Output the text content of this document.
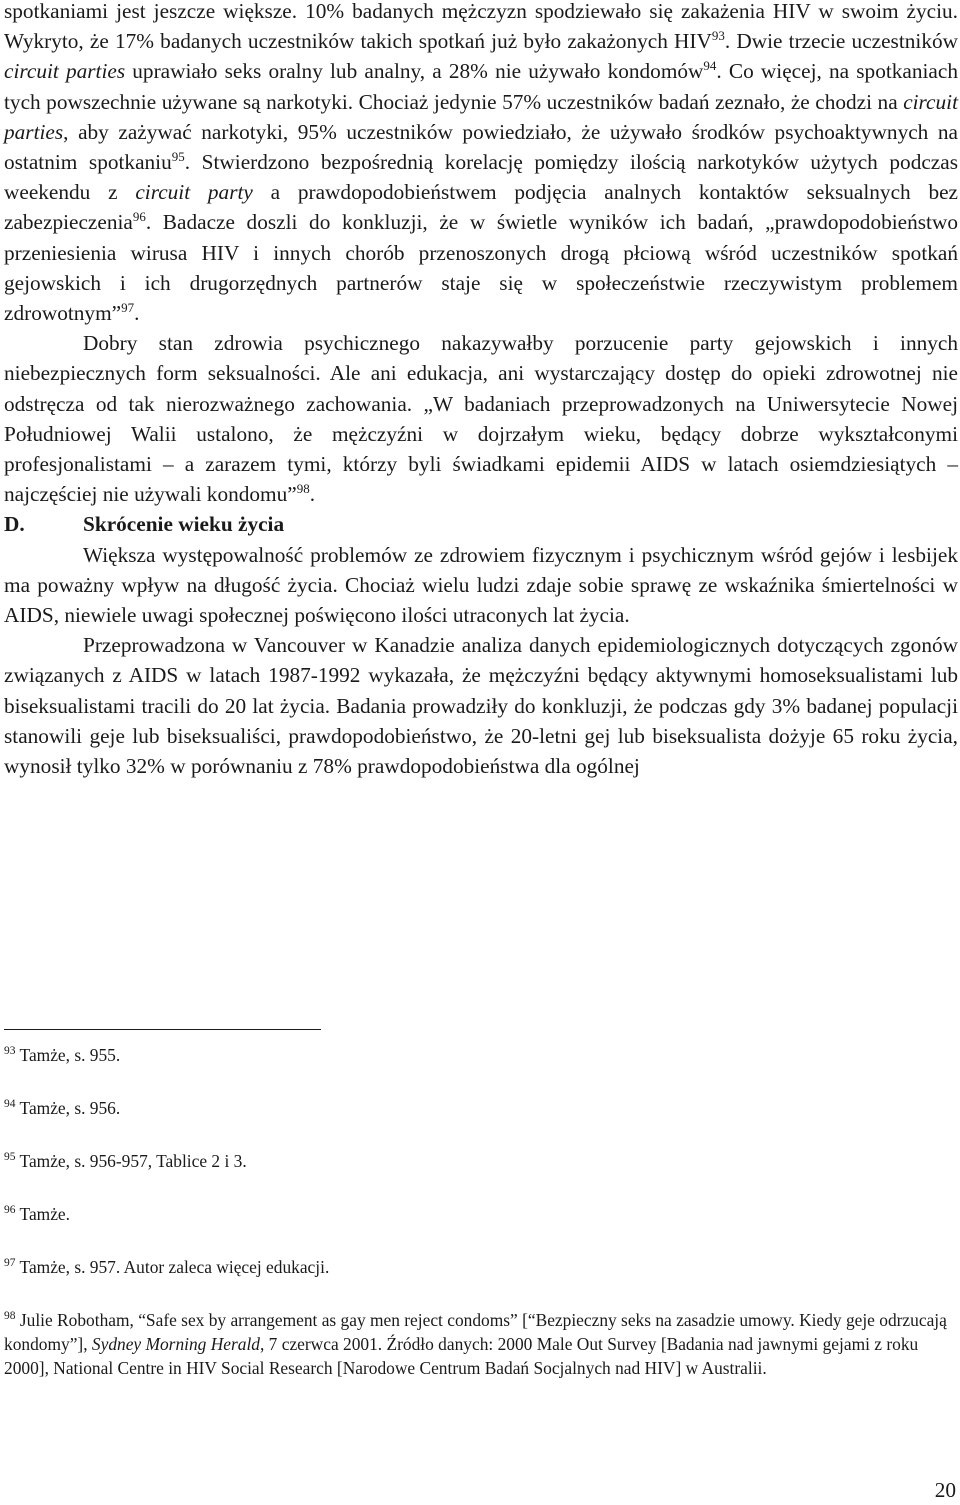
spotkaniami jest jeszcze większe. 10% badanych mężczyzn spodziewało się zakażenia HIV w swoim życiu. Wykryto, że 17% badanych uczestników takich spotkań już było zakażonych HIV$^{93}$. Dwie trzecie uczestników circuit parties uprawiało seks oralny lub analny, a 28% nie używało kondomów$^{94}$. Co więcej, na spotkaniach tych powszechnie używane są narkotyki. Chociaż jedynie 57% uczestników badań zeznało, że chodzi na circuit parties, aby zażywać narkotyki, 95% uczestników powiedziało, że używało środków psychoaktywnych na ostatnim spotkaniu$^{95}$. Stwierdzono bezpośrednią korelację pomiędzy ilością narkotyków użytych podczas weekendu z circuit party a prawdopodobieństwem podjęcia analnych kontaktów seksualnych bez zabezpieczenia$^{96}$. Badacze doszli do konkluzji, że w świetle wyników ich badań, „prawdopodobieństwo przeniesienia wirusa HIV i innych chorób przenoszonych drogą płciową wśród uczestników spotkań gejowskich i ich drugorzędnych partnerów staje się w społeczeństwie rzeczywistym problemem zdrowotnym”$^{97}$.

Dobry stan zdrowia psychicznego nakazywałby porzucenie party gejowskich i innych niebezpiecznych form seksualności. Ale ani edukacja, ani wystarczający dostęp do opieki zdrowotnej nie odstręcza od tak nierozważnego zachowania. „W badaniach przeprowadzonych na Uniwersytecie Nowej Południowej Walii ustalono, że mężczyźni w dojrzałym wieku, będący dobrze wykształconymi profesjonalistami – a zarazem tymi, którzy byli świadkami epidemii AIDS w latach osiemdziesiątych – najczęściej nie używali kondomu”$^{98}$.

D.	Skrócenie wieku życia

Większa występowalność problemów ze zdrowiem fizycznym i psychicznym wśród gejów i lesbijek ma poważny wpływ na długość życia. Chociaż wielu ludzi zdaje sobie sprawę ze wskaźnika śmiertelności w AIDS, niewiele uwagi społecznej poświęcono ilości utraconych lat życia.

Przeprowadzona w Vancouver w Kanadzie analiza danych epidemiologicznych dotyczących zgonów związanych z AIDS w latach 1987-1992 wykazała, że mężczyźni będący aktywnymi homoseksualistami lub biseksualistami tracili do 20 lat życia. Badania prowadziły do konkluzji, że podczas gdy 3% badanej populacji stanowili geje lub biseksualiści, prawdopodobieństwo, że 20-letni gej lub biseksualista dożyje 65 roku życia, wynosił tylko 32% w porównaniu z 78% prawdopodobieństwa dla ogólnej

$^{93}$ Tamże, s. 955.

$^{94}$ Tamże, s. 956.

$^{95}$ Tamże, s. 956-957, Tablice 2 i 3.

$^{96}$ Tamże.

$^{97}$ Tamże, s. 957. Autor zaleca więcej edukacji.

$^{98}$ Julie Robotham, “Safe sex by arrangement as gay men reject condoms” [“Bezpieczny seks na zasadzie umowy. Kiedy geje odrzucają kondomy”], Sydney Morning Herald, 7 czerwca 2001. Źródło danych: 2000 Male Out Survey [Badania nad jawnymi gejami z roku 2000], National Centre in HIV Social Research [Narodowe Centrum Badań Socjalnych nad HIV] w Australii.

20
